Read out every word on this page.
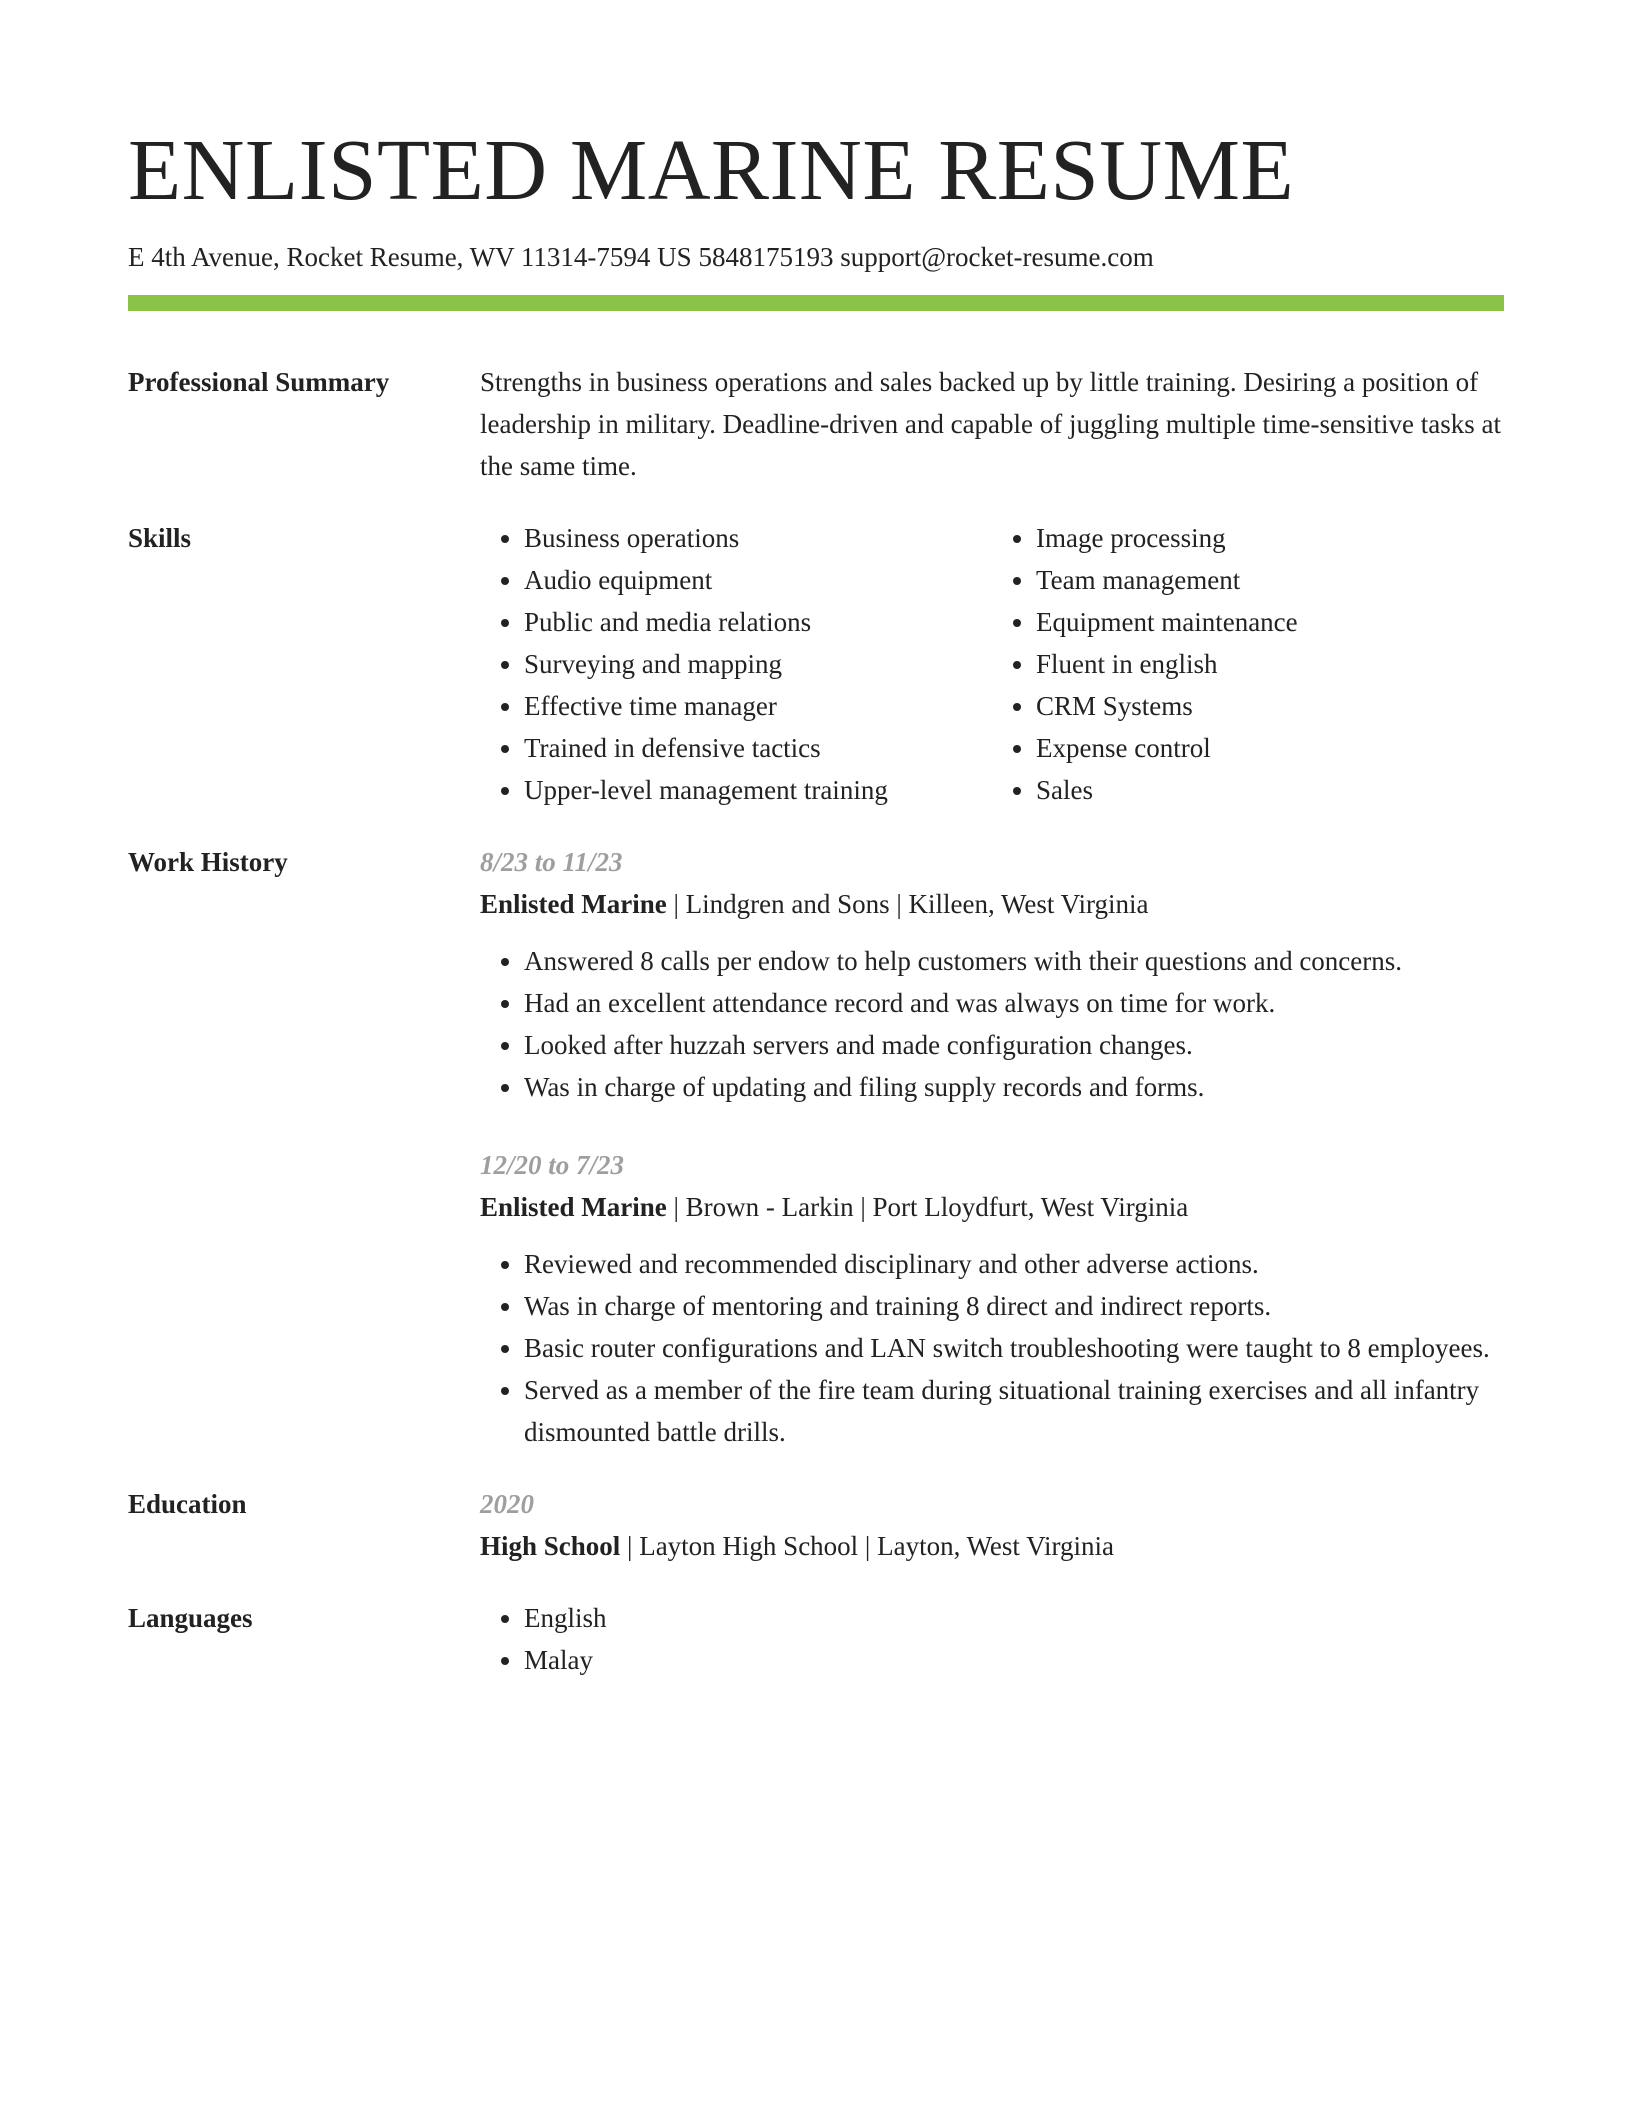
ENLISTED MARINE RESUME
E 4th Avenue, Rocket Resume, WV 11314-7594 US 5848175193 support@rocket-resume.com
Professional Summary	Strengths in business operations and sales backed up by little training. Desiring a position of leadership in military. Deadline-driven and capable of juggling multiple time-sensitive tasks at the same time.

Skills	• Business operations
• Audio equipment
• Public and media relations
• Surveying and mapping
• Effective time manager
• Trained in defensive tactics
• Upper-level management training
• Image processing
• Team management
• Equipment maintenance
• Fluent in english
• CRM Systems
• Expense control
• Sales
Work History	8/23 to 11/23
Enlisted Marine | Lindgren and Sons | Killeen, West Virginia
• Answered 8 calls per endow to help customers with their questions and concerns.
• Had an excellent attendance record and was always on time for work.
• Looked after huzzah servers and made configuration changes.
• Was in charge of updating and filing supply records and forms.
12/20 to 7/23
Enlisted Marine | Brown - Larkin | Port Lloydfurt, West Virginia
• Reviewed and recommended disciplinary and other adverse actions.
• Was in charge of mentoring and training 8 direct and indirect reports.
• Basic router configurations and LAN switch troubleshooting were taught to 8 employees.
• Served as a member of the fire team during situational training exercises and all infantry dismounted battle drills.
Education	2020
High School | Layton High School | Layton, West Virginia
Languages	• English
• Malay
